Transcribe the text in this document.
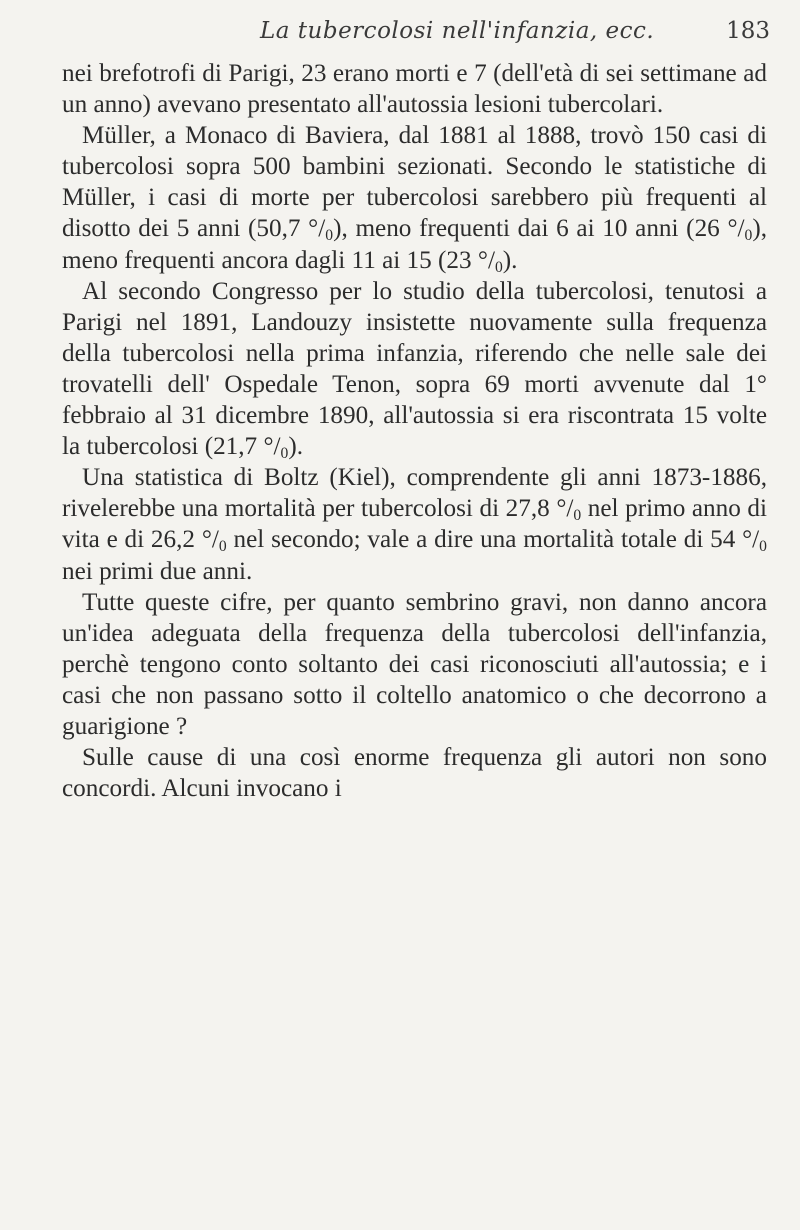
La tubercolosi nell'infanzia, ecc.	183

nei brefotrofi di Parigi, 23 erano morti e 7 (dell'età di sei settimane ad un anno) avevano presentato all'autossia lesioni tubercolari.

Müller, a Monaco di Baviera, dal 1881 al 1888, trovò 150 casi di tubercolosi sopra 500 bambini sezionati. Secondo le statistiche di Müller, i casi di morte per tubercolosi sarebbero più frequenti al disotto dei 5 anni (50,7 $^\circ/_0$), meno frequenti dai 6 ai 10 anni (26 $^\circ/_0$), meno frequenti ancora dagli 11 ai 15 (23 $^\circ/_0$).

Al secondo Congresso per lo studio della tubercolosi, tenutosi a Parigi nel 1891, Landouzy insistette nuovamente sulla frequenza della tubercolosi nella prima infanzia, riferendo che nelle sale dei trovatelli dell' Ospedale Tenon, sopra 69 morti avvenute dal 1° febbraio al 31 dicembre 1890, all'autossia si era riscontrata 15 volte la tubercolosi (21,7 $^\circ/_0$).

Una statistica di Boltz (Kiel), comprendente gli anni 1873-1886, rivelerebbe una mortalità per tubercolosi di 27,8 $^\circ/_0$ nel primo anno di vita e di 26,2 $^\circ/_0$ nel secondo; vale a dire una mortalità totale di 54 $^\circ/_0$ nei primi due anni.

Tutte queste cifre, per quanto sembrino gravi, non danno ancora un'idea adeguata della frequenza della tubercolosi dell'infanzia, perchè tengono conto soltanto dei casi riconosciuti all'autossia; e i casi che non passano sotto il coltello anatomico o che decorrono a guarigione ?

Sulle cause di una così enorme frequenza gli autori non sono concordi. Alcuni invocano i
